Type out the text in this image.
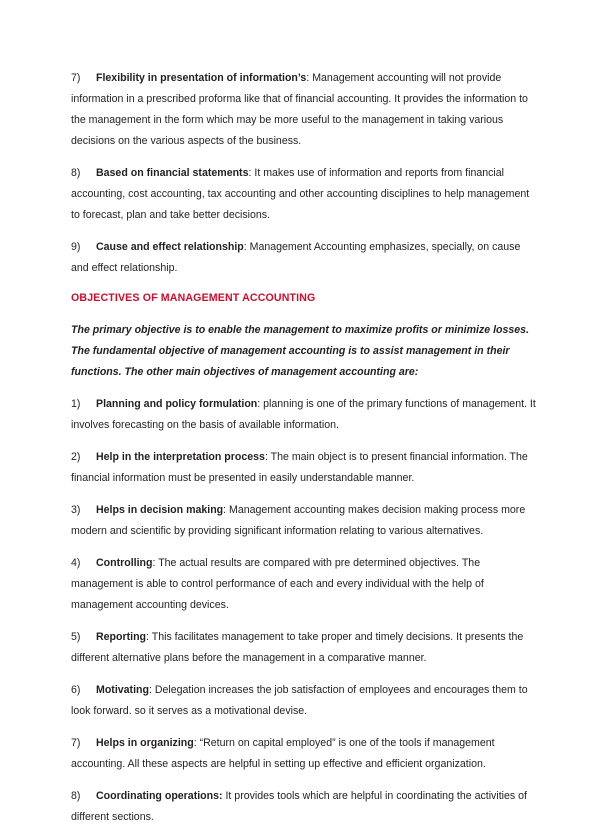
7) Flexibility in presentation of information’s: Management accounting will not provide information in a prescribed proforma like that of financial accounting. It provides the information to the management in the form which may be more useful to the management in taking various decisions on the various aspects of the business.

8) Based on financial statements: It makes use of information and reports from financial accounting, cost accounting, tax accounting and other accounting disciplines to help management to forecast, plan and take better decisions.

9) Cause and effect relationship: Management Accounting emphasizes, specially, on cause and effect relationship.

OBJECTIVES OF MANAGEMENT ACCOUNTING

The primary objective is to enable the management to maximize profits or minimize losses. The fundamental objective of management accounting is to assist management in their functions. The other main objectives of management accounting are:

1) Planning and policy formulation: planning is one of the primary functions of management. It involves forecasting on the basis of available information.

2) Help in the interpretation process: The main object is to present financial information. The financial information must be presented in easily understandable manner.

3) Helps in decision making: Management accounting makes decision making process more modern and scientific by providing significant information relating to various alternatives.

4) Controlling: The actual results are compared with pre determined objectives. The management is able to control performance of each and every individual with the help of management accounting devices.

5) Reporting: This facilitates management to take proper and timely decisions. It presents the different alternative plans before the management in a comparative manner.

6) Motivating: Delegation increases the job satisfaction of employees and encourages them to look forward. so it serves as a motivational devise.

7) Helps in organizing: “Return on capital employed” is one of the tools if management accounting. All these aspects are helpful in setting up effective and efficient organization.

8) Coordinating operations: It provides tools which are helpful in coordinating the activities of different sections.
